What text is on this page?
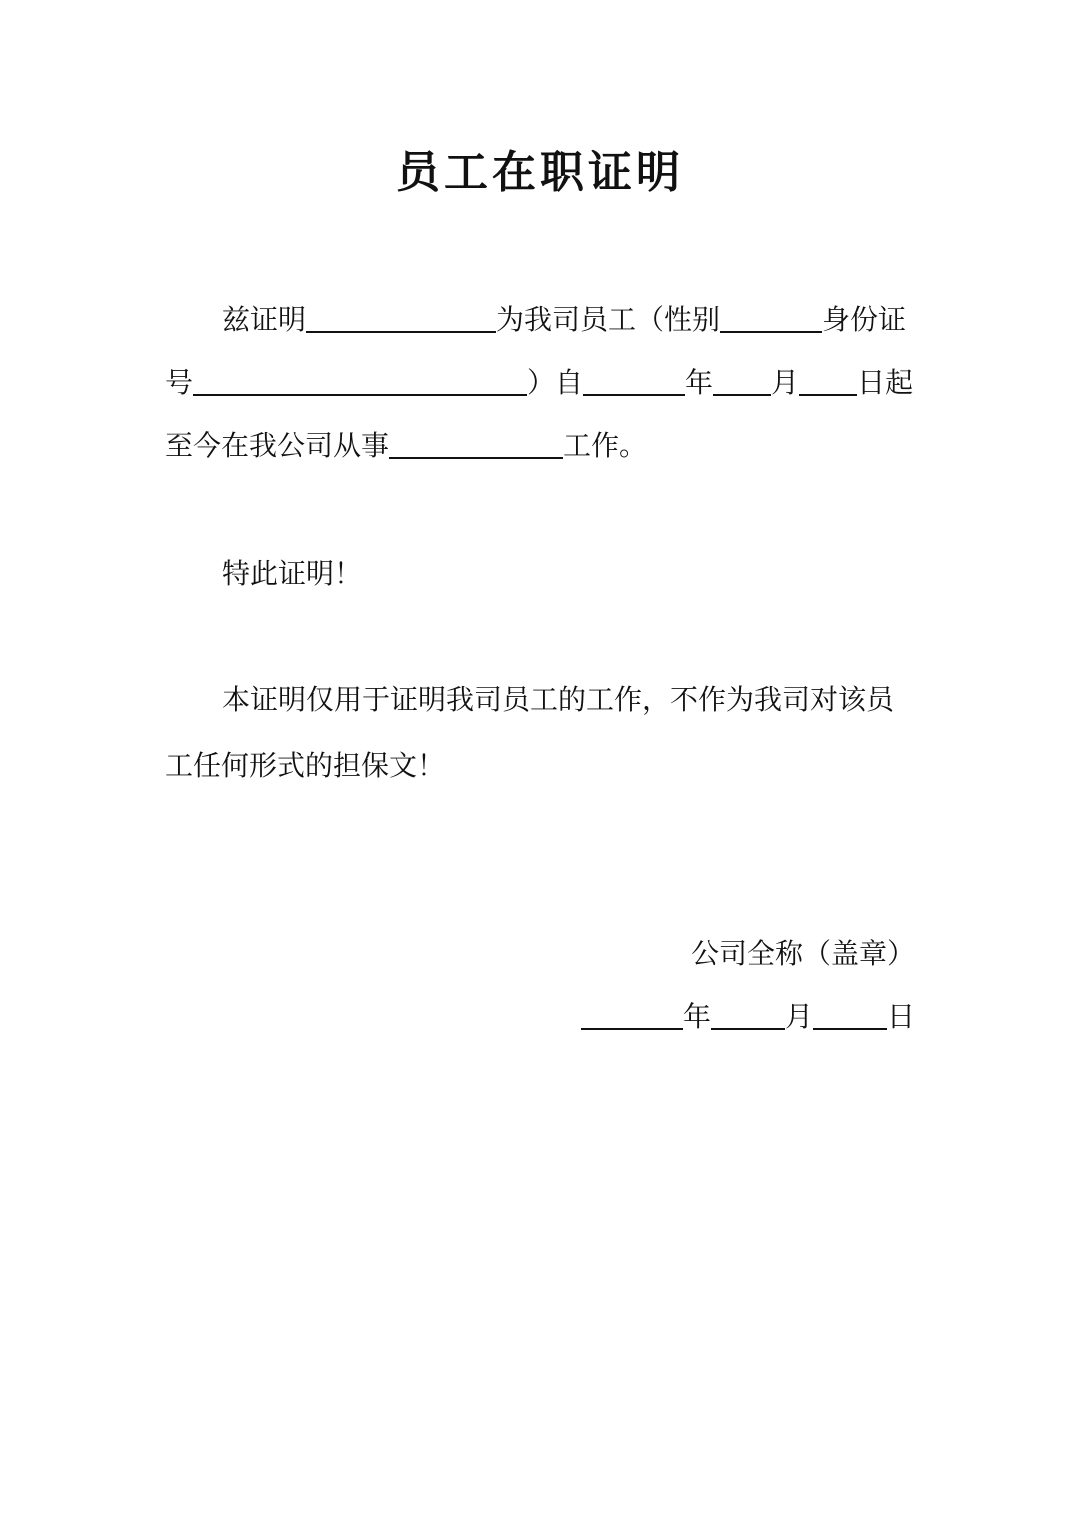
员工在职证明
兹证明	为我司员工（性别	身份证
号	）自	年 月 日起
至今在我公司从事	工作。
特此证明！
本证明仅用于证明我司员工的工作，不作为我司对该员
工任何形式的担保文！
公司全称（盖章）
年	月	日
